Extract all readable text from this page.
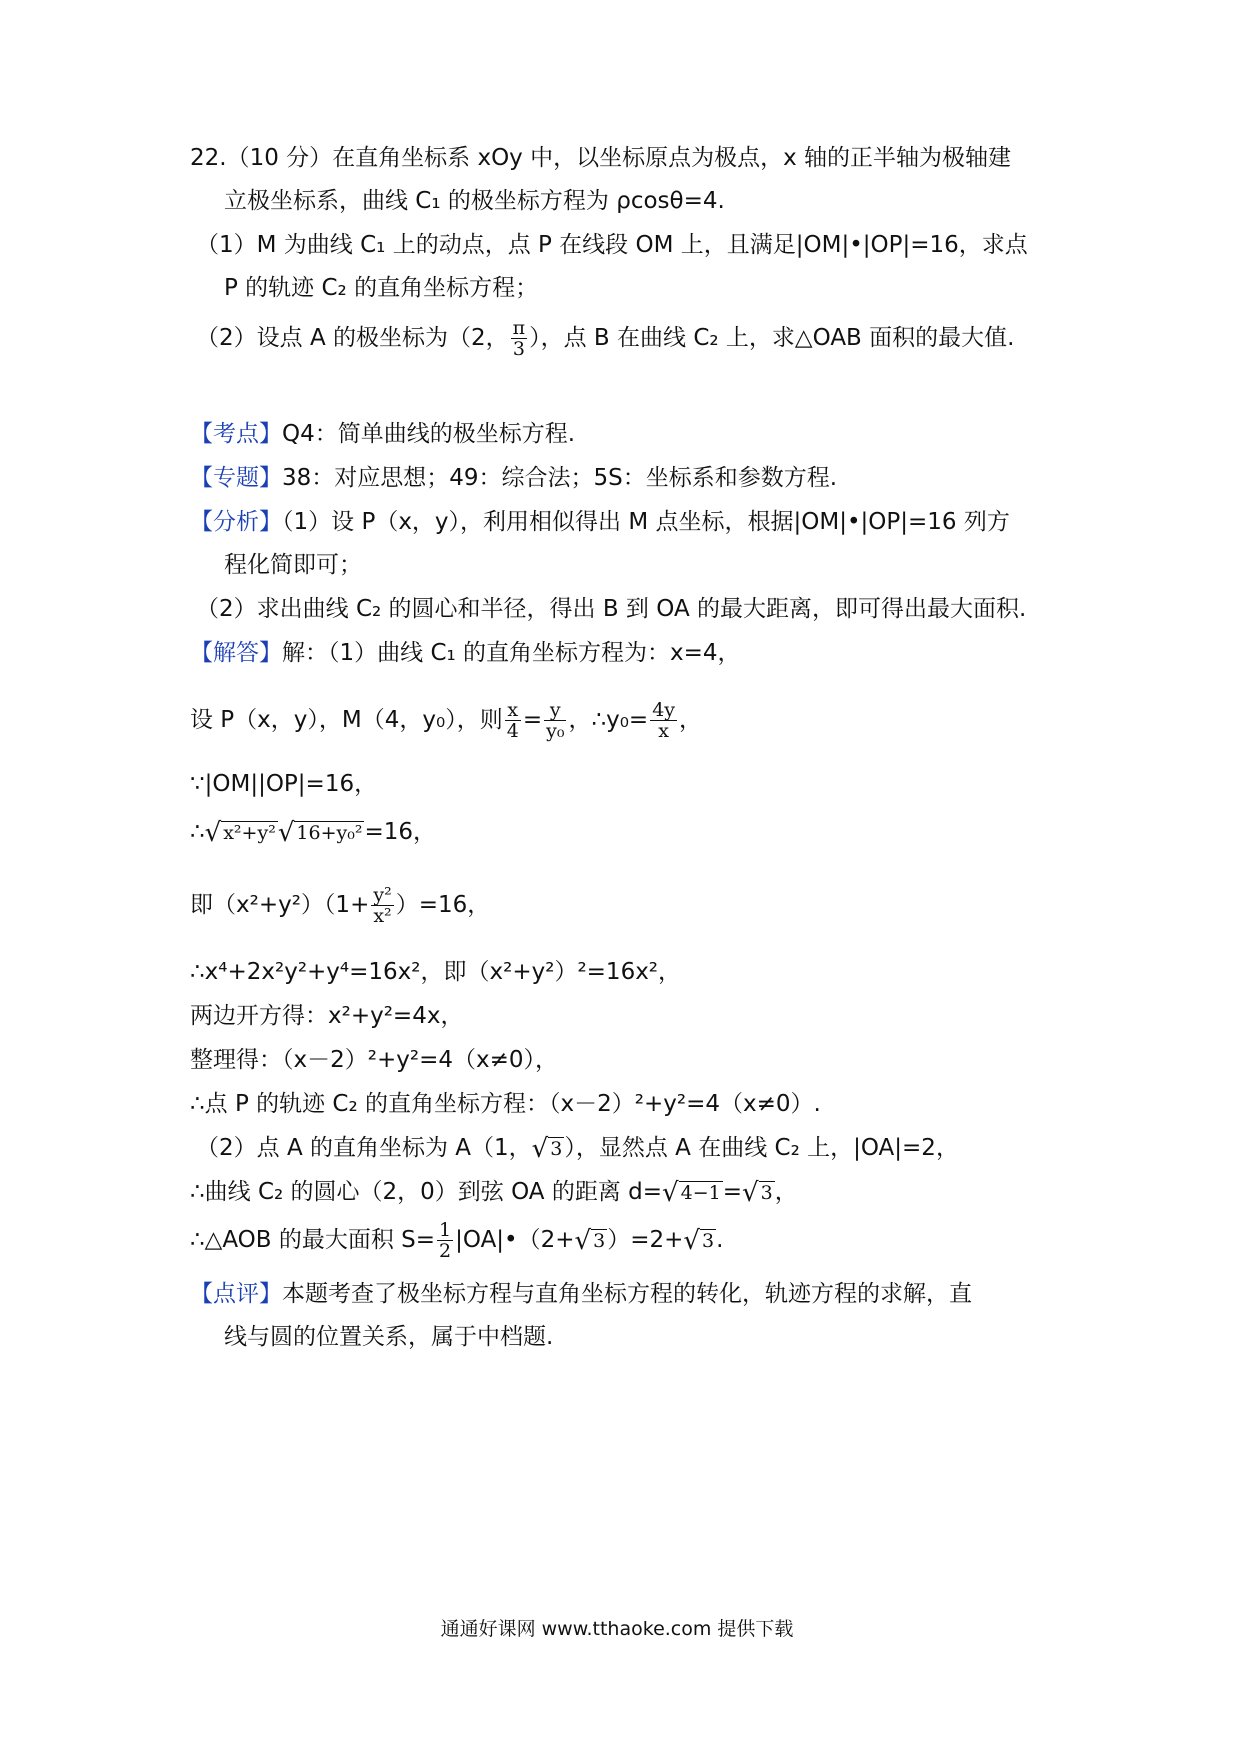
22.（10 分）在直角坐标系 xOy 中，以坐标原点为极点，x 轴的正半轴为极轴建
立极坐标系，曲线 C₁ 的极坐标方程为 ρcosθ=4.
（1）M 为曲线 C₁ 上的动点，点 P 在线段 OM 上，且满足|OM|•|OP|=16，求点
P 的轨迹 C₂ 的直角坐标方程；
（2）设点 A 的极坐标为（2， $\frac{\pi}{3}$ ），点 B 在曲线 C₂ 上，求△OAB 面积的最大值.
【考点】Q4：简单曲线的极坐标方程.
【专题】38：对应思想；49：综合法；5S：坐标系和参数方程.
【分析】（1）设 P（x，y），利用相似得出 M 点坐标，根据|OM|•|OP|=16 列方
程化简即可；
（2）求出曲线 C₂ 的圆心和半径，得出 B 到 OA 的最大距离，即可得出最大面积.
【解答】解：（1）曲线 C₁ 的直角坐标方程为：x=4，
设 P（x，y），M（4，y₀），则 $\frac{x}{4} = \frac{y}{\text{y₀}}$ ，∴y₀= $\frac{4y}{x}$ ，
∵|OM||OP|=16，
∴√ x²+y²√ 16+y₀²=16，
即$(x^2+y^2)(1+ \frac{\text{y²}}{\text{x²}} )=16$，
∴x⁴+2x²y²+y⁴=16x²，即（x²+y²）²=16x²，
两边开方得：x²+y²=4x，
整理得：（x－2）²+y²=4（x≠0），
∴点 P 的轨迹 C₂ 的直角坐标方程：（x－2）²+y²=4（x≠0）.
（2）点 A 的直角坐标为 A（1，√ 3），显然点 A 在曲线 C₂ 上，|OA|=2，
∴曲线 C₂ 的圆心（2，0）到弦 OA 的距离 d=√ 4−1=√ 3，
∴△AOB 的最大面积 $S= \frac{1}{2}$ |OA|•（2+√ 3）=2+√ 3.
【点评】本题考查了极坐标方程与直角坐标方程的转化，轨迹方程的求解，直
线与圆的位置关系，属于中档题.
通通好课网 www.tthaoke.com 提供下载
